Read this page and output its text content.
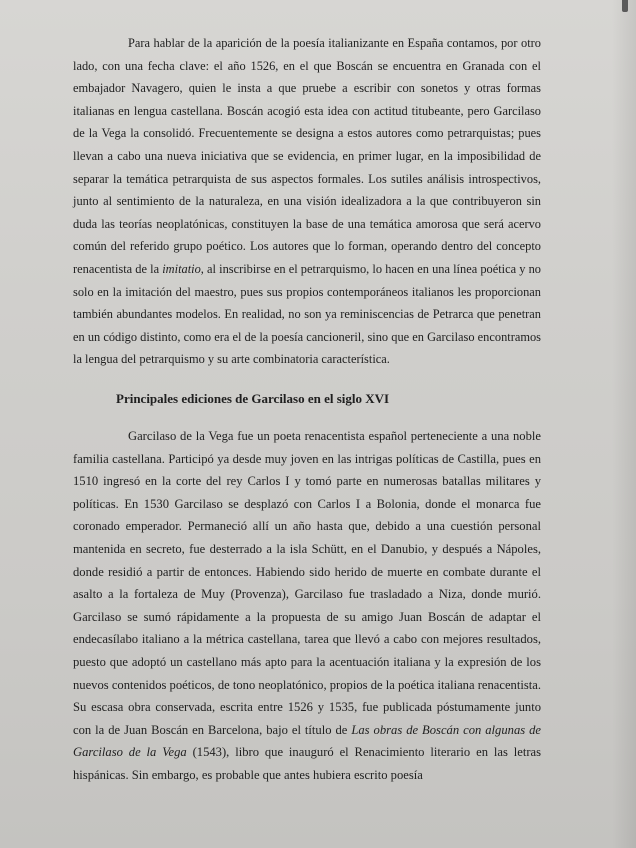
Para hablar de la aparición de la poesía italianizante en España contamos, por otro lado, con una fecha clave: el año 1526, en el que Boscán se encuentra en Granada con el embajador Navagero, quien le insta a que pruebe a escribir con sonetos y otras formas italianas en lengua castellana. Boscán acogió esta idea con actitud titubeante, pero Garcilaso de la Vega la consolidó. Frecuentemente se designa a estos autores como petrarquistas; pues llevan a cabo una nueva iniciativa que se evidencia, en primer lugar, en la imposibilidad de separar la temática petrarquista de sus aspectos formales. Los sutiles análisis introspectivos, junto al sentimiento de la naturaleza, en una visión idealizadora a la que contribuyeron sin duda las teorías neoplatónicas, constituyen la base de una temática amorosa que será acervo común del referido grupo poético. Los autores que lo forman, operando dentro del concepto renacentista de la imitatio, al inscribirse en el petrarquismo, lo hacen en una línea poética y no solo en la imitación del maestro, pues sus propios contemporáneos italianos les proporcionan también abundantes modelos. En realidad, no son ya reminiscencias de Petrarca que penetran en un código distinto, como era el de la poesía cancioneril, sino que en Garcilaso encontramos la lengua del petrarquismo y su arte combinatoria característica.

Principales ediciones de Garcilaso en el siglo XVI

Garcilaso de la Vega fue un poeta renacentista español perteneciente a una noble familia castellana. Participó ya desde muy joven en las intrigas políticas de Castilla, pues en 1510 ingresó en la corte del rey Carlos I y tomó parte en numerosas batallas militares y políticas. En 1530 Garcilaso se desplazó con Carlos I a Bolonia, donde el monarca fue coronado emperador. Permaneció allí un año hasta que, debido a una cuestión personal mantenida en secreto, fue desterrado a la isla Schütt, en el Danubio, y después a Nápoles, donde residió a partir de entonces. Habiendo sido herido de muerte en combate durante el asalto a la fortaleza de Muy (Provenza), Garcilaso fue trasladado a Niza, donde murió. Garcilaso se sumó rápidamente a la propuesta de su amigo Juan Boscán de adaptar el endecasílabo italiano a la métrica castellana, tarea que llevó a cabo con mejores resultados, puesto que adoptó un castellano más apto para la acentuación italiana y la expresión de los nuevos contenidos poéticos, de tono neoplatónico, propios de la poética italiana renacentista. Su escasa obra conservada, escrita entre 1526 y 1535, fue publicada póstumamente junto con la de Juan Boscán en Barcelona, bajo el título de Las obras de Boscán con algunas de Garcilaso de la Vega (1543), libro que inauguró el Renacimiento literario en las letras hispánicas. Sin embargo, es probable que antes hubiera escrito poesía
